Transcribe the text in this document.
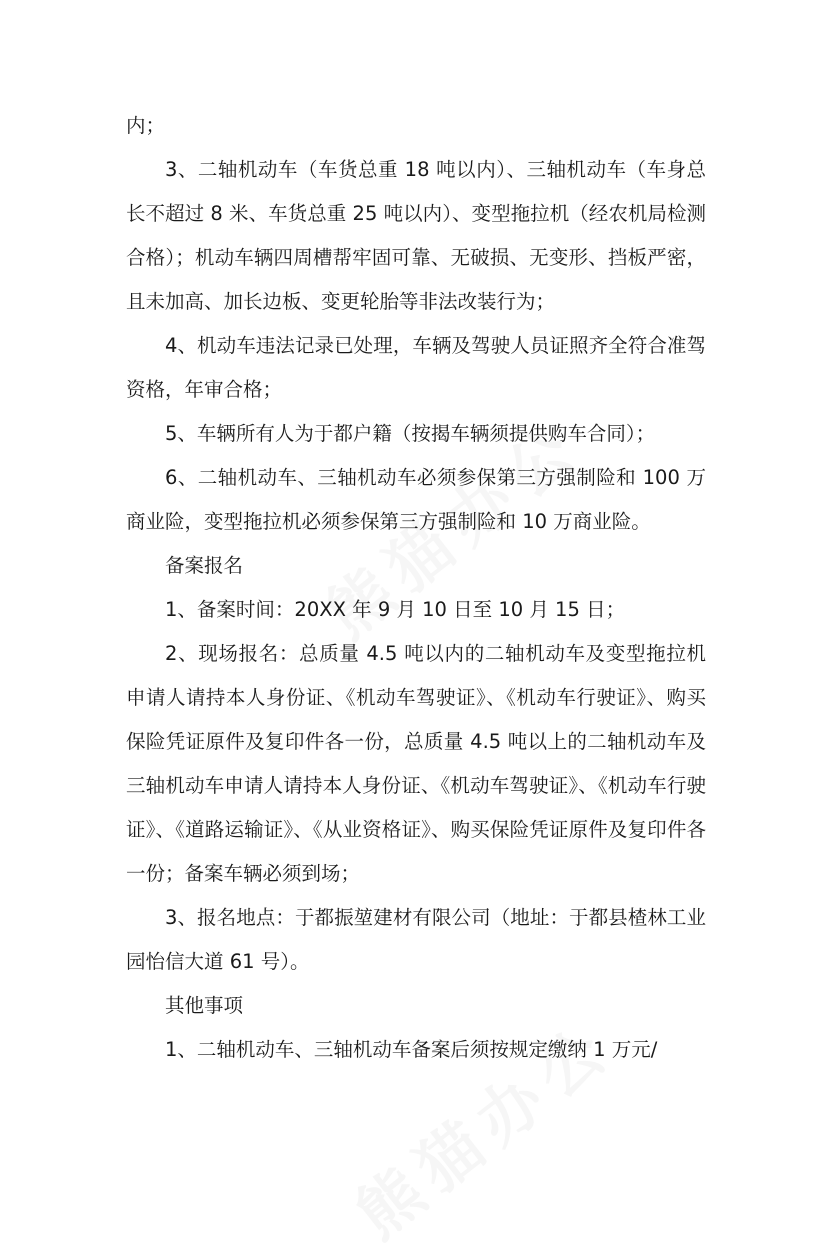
内；

3、二轴机动车（车货总重 18 吨以内）、三轴机动车（车身总长不超过 8 米、车货总重 25 吨以内）、变型拖拉机（经农机局检测合格）；机动车辆四周槽帮牢固可靠、无破损、无变形、挡板严密，且未加高、加长边板、变更轮胎等非法改装行为；

4、机动车违法记录已处理，车辆及驾驶人员证照齐全符合准驾资格，年审合格；

5、车辆所有人为于都户籍（按揭车辆须提供购车合同）；

6、二轴机动车、三轴机动车必须参保第三方强制险和 100 万商业险，变型拖拉机必须参保第三方强制险和 10 万商业险。

备案报名

1、备案时间：20XX 年 9 月 10 日至 10 月 15 日；

2、现场报名：总质量 4.5 吨以内的二轴机动车及变型拖拉机申请人请持本人身份证、《机动车驾驶证》、《机动车行驶证》、购买保险凭证原件及复印件各一份，总质量 4.5 吨以上的二轴机动车及三轴机动车申请人请持本人身份证、《机动车驾驶证》、《机动车行驶证》、《道路运输证》、《从业资格证》、购买保险凭证原件及复印件各一份；备案车辆必须到场；

3、报名地点：于都振堃建材有限公司（地址：于都县楂林工业园怡信大道 61 号）。

其他事项

1、二轴机动车、三轴机动车备案后须按规定缴纳 1 万元/
